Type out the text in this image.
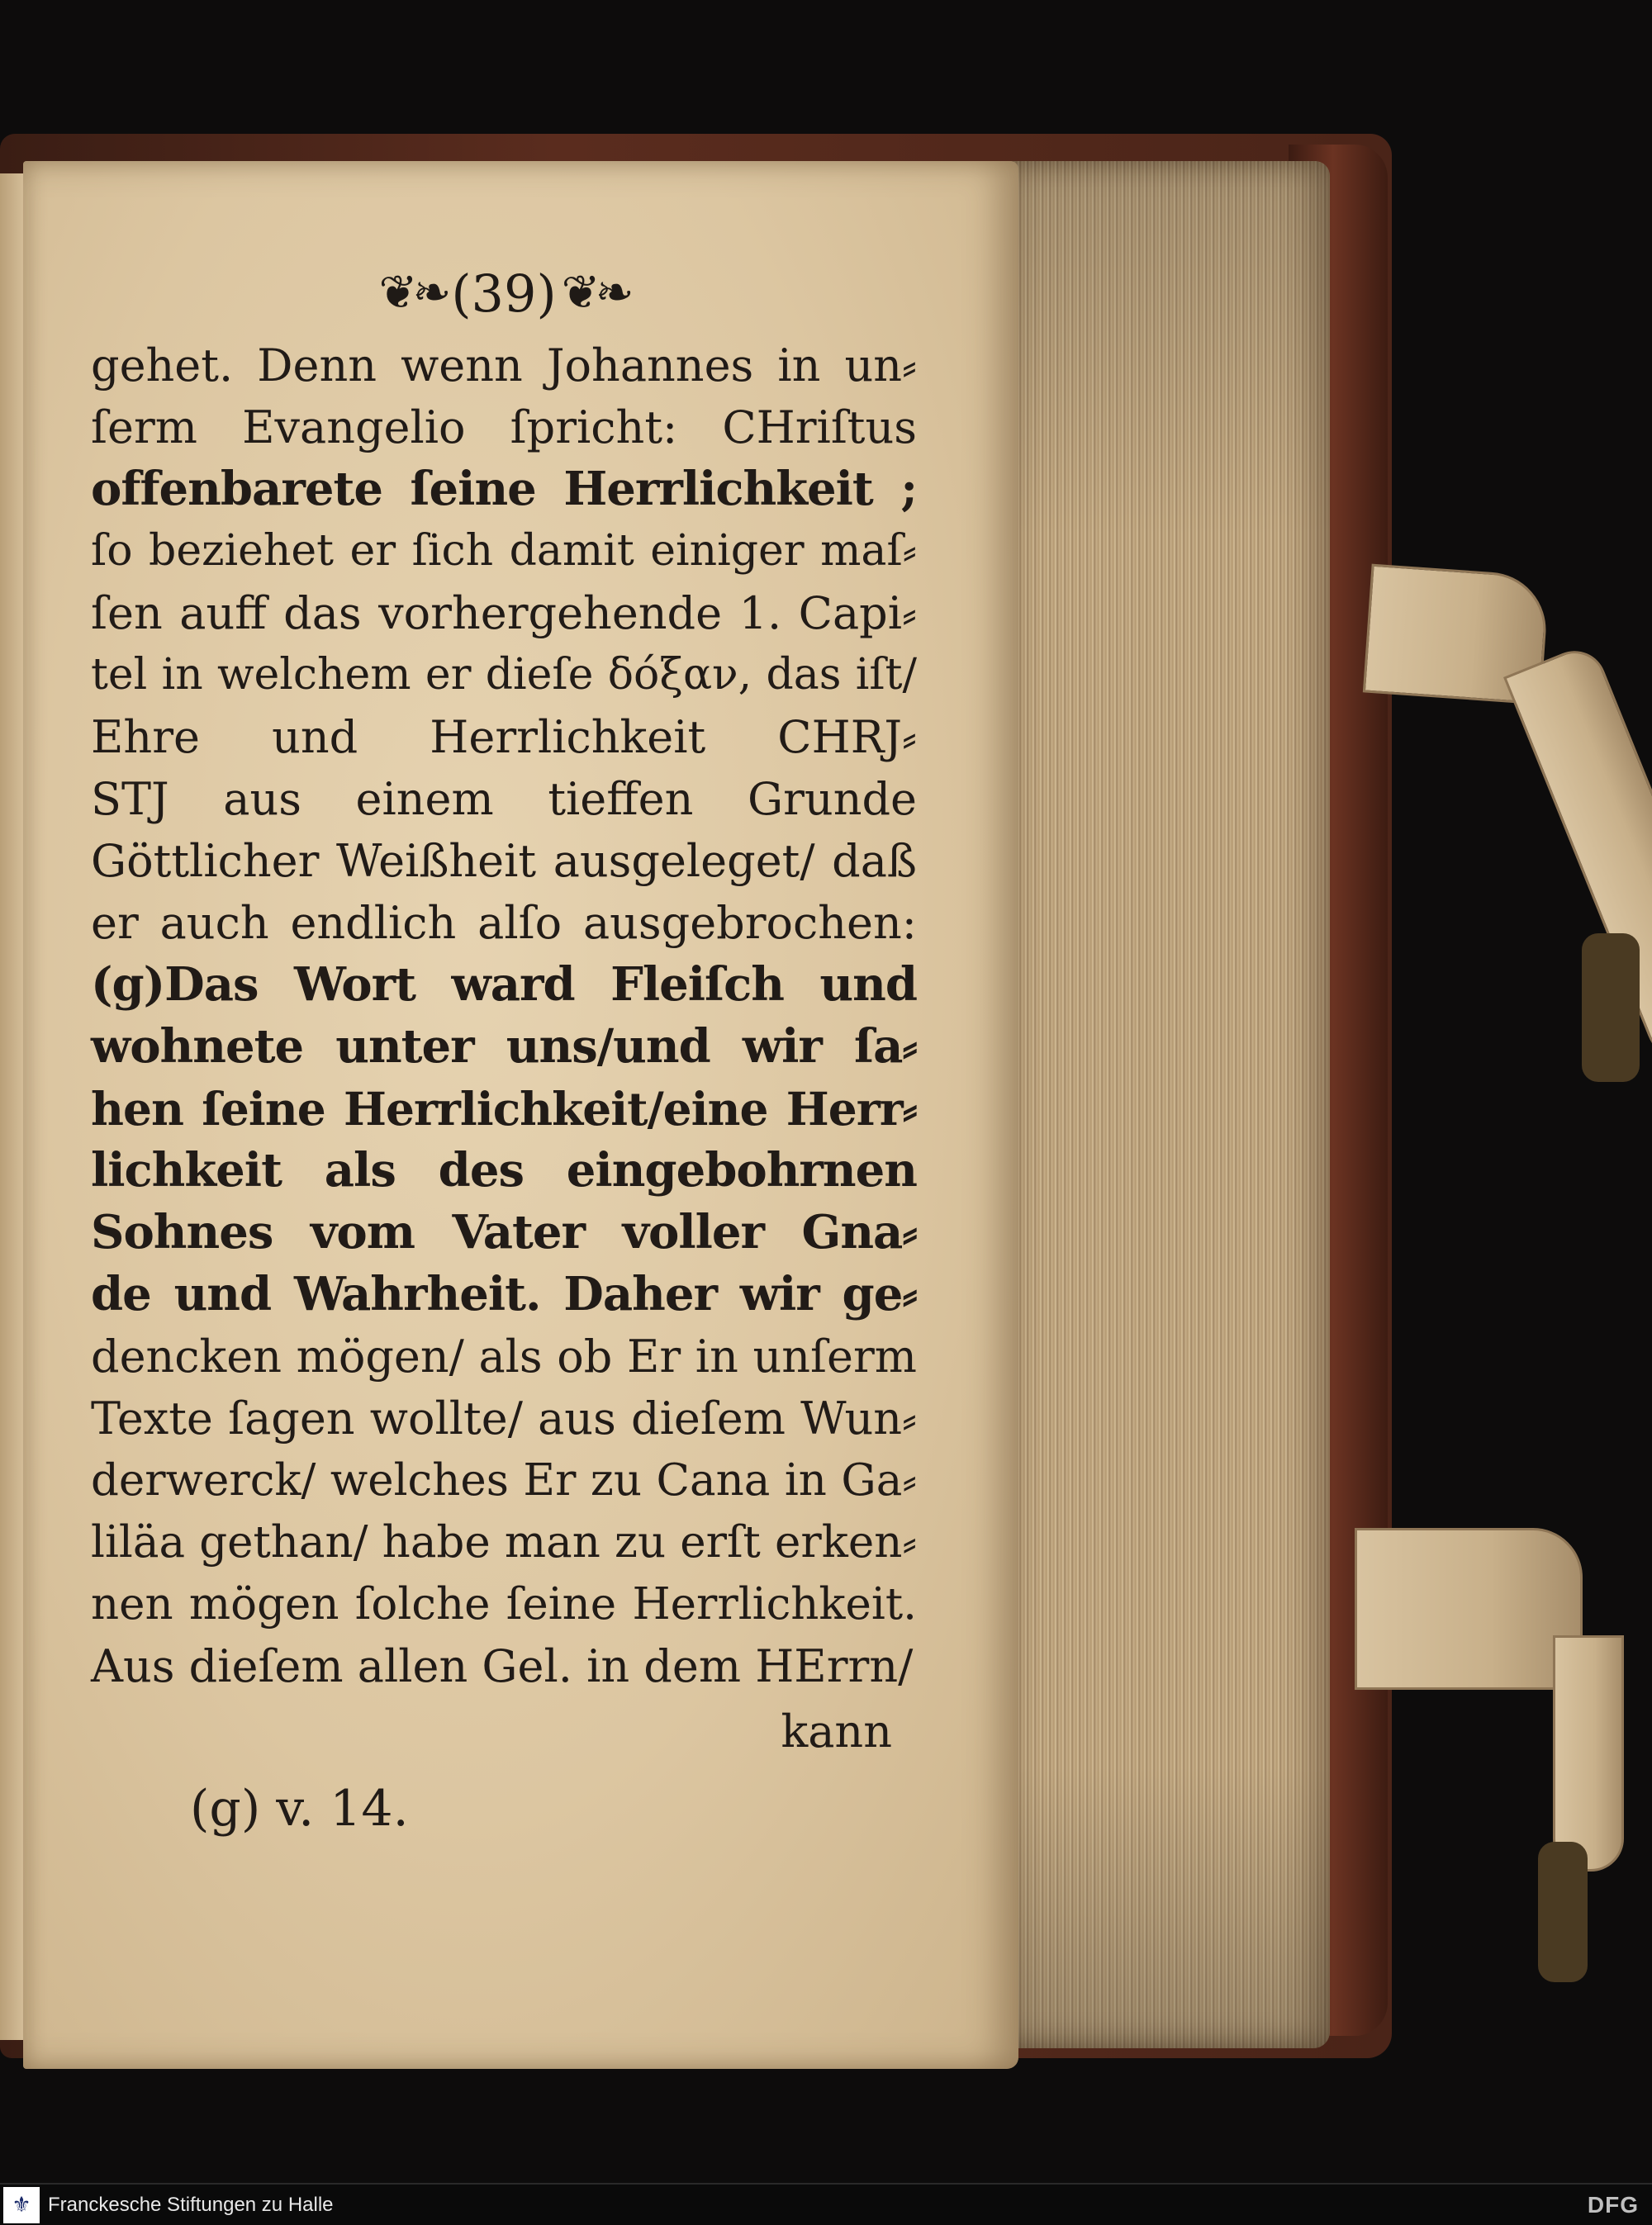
❦❧ (39) ❦❧
gehet. Denn wenn Johannes in un⸗
ſerm Evangelio ſpricht: CHriſtus
offenbarete ſeine Herrlichkeit ;
ſo beziehet er ſich damit einiger maſ⸗
ſen auff das vorhergehende 1. Capi⸗
tel in welchem er dieſe δόξαν, das iſt/
Ehre und Herrlichkeit CHRJ⸗
STJ aus einem tieffen Grunde
Göttlicher Weißheit ausgeleget/ daß
er auch endlich alſo ausgebrochen:
(g)Das Wort ward Fleiſch und
wohnete unter uns/und wir ſa⸗
hen ſeine Herrlichkeit/eine Herr⸗
lichkeit als des eingebohrnen
Sohnes vom Vater voller Gna⸗
de und Wahrheit. Daher wir ge⸗
dencken mögen/ als ob Er in unſerm
Texte ſagen wollte/ aus dieſem Wun⸗
derwerck/ welches Er zu Cana in Ga⸗
liläa gethan/ habe man zu erſt erken⸗
nen mögen ſolche ſeine Herrlichkeit.
Aus dieſem allen Gel. in dem HErrn/
kann
(g) v. 14.
⚜ Franckesche Stiftungen zu Halle	DFG
